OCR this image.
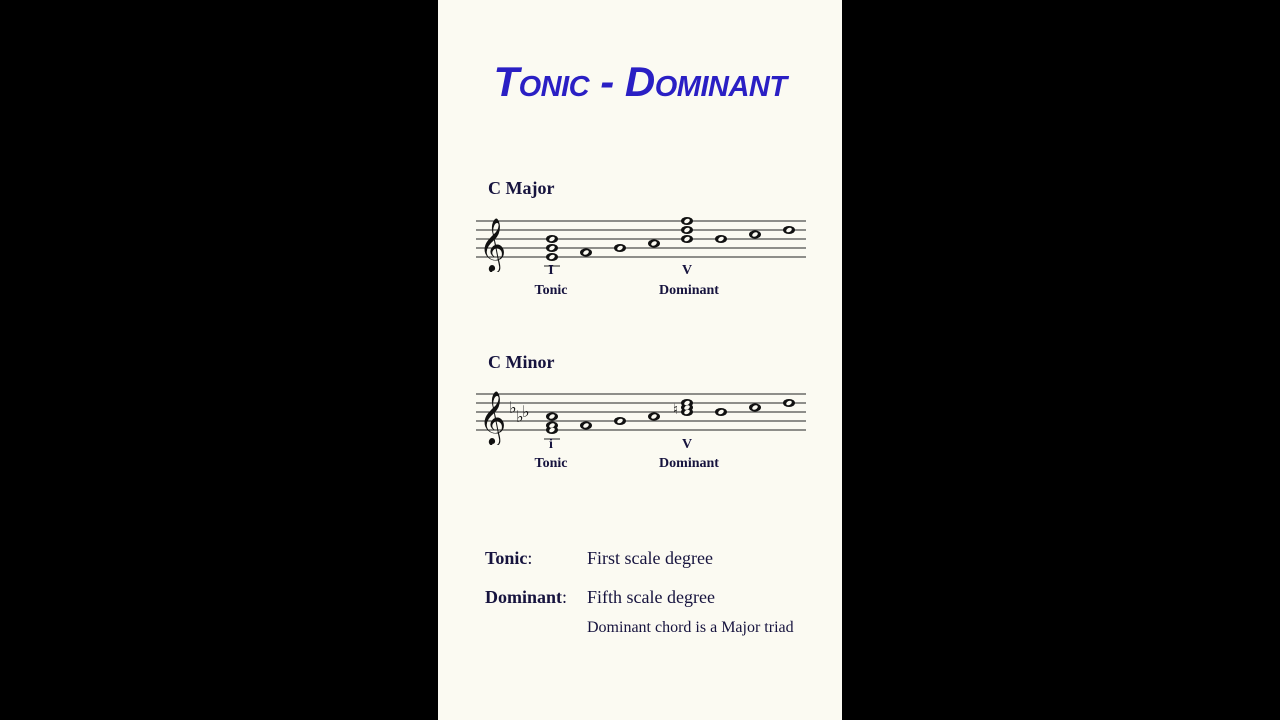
Tonic - Dominant
C Major
𝄞	I
Tonic
V
Dominant
C Minor
𝄞 ♭ ♭
♭	♮
i
Tonic
V
Dominant
Tonic:	First scale degree
Dominant: Fifth scale degree
Dominant chord is a Major triad
